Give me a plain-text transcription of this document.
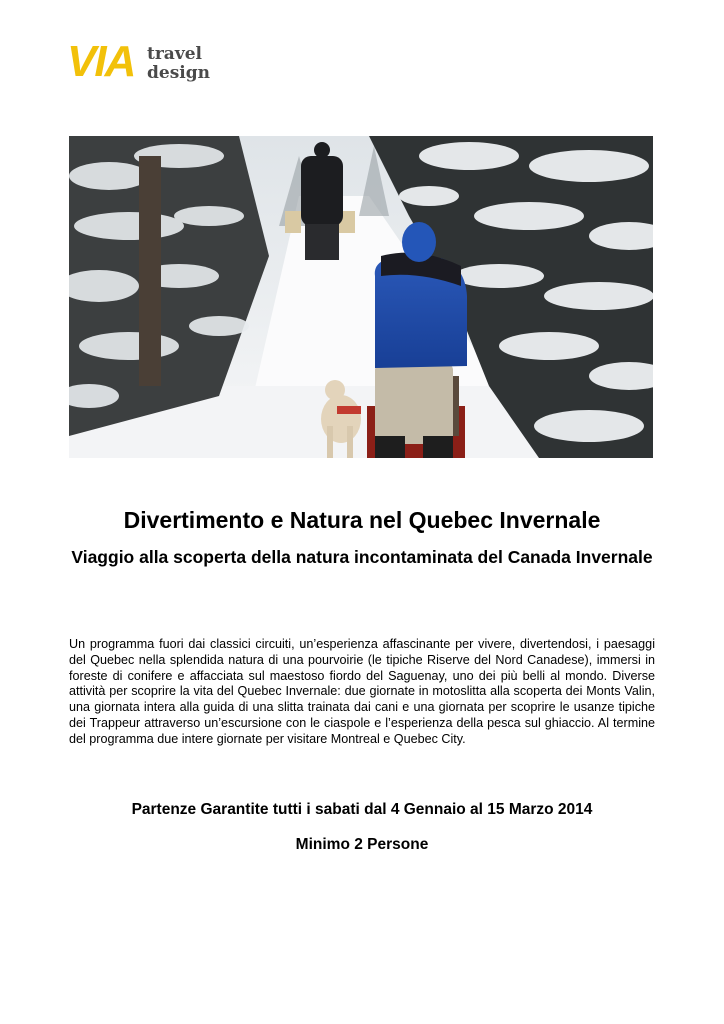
VIA travel
design
Divertimento e Natura nel Quebec Invernale
Viaggio alla scoperta della natura incontaminata del Canada Invernale
Un programma fuori dai classici circuiti, un’esperienza affascinante per vivere, divertendosi, i paesaggi del Quebec nella splendida natura di una pourvoirie (le tipiche Riserve del Nord Canadese), immersi in foreste di conifere e affacciata sul maestoso fiordo del Saguenay, uno dei più belli al mondo. Diverse attività per scoprire la vita del Quebec Invernale: due giornate in motoslitta alla scoperta dei Monts Valin, una giornata intera alla guida di una slitta trainata dai cani e una giornata per scoprire le usanze tipiche dei Trappeur attraverso un’escursione con le ciaspole e l’esperienza della pesca sul ghiaccio. Al termine del programma due intere giornate per visitare Montreal e Quebec City.
Partenze Garantite tutti i sabati dal 4 Gennaio al 15 Marzo 2014
Minimo 2 Persone
